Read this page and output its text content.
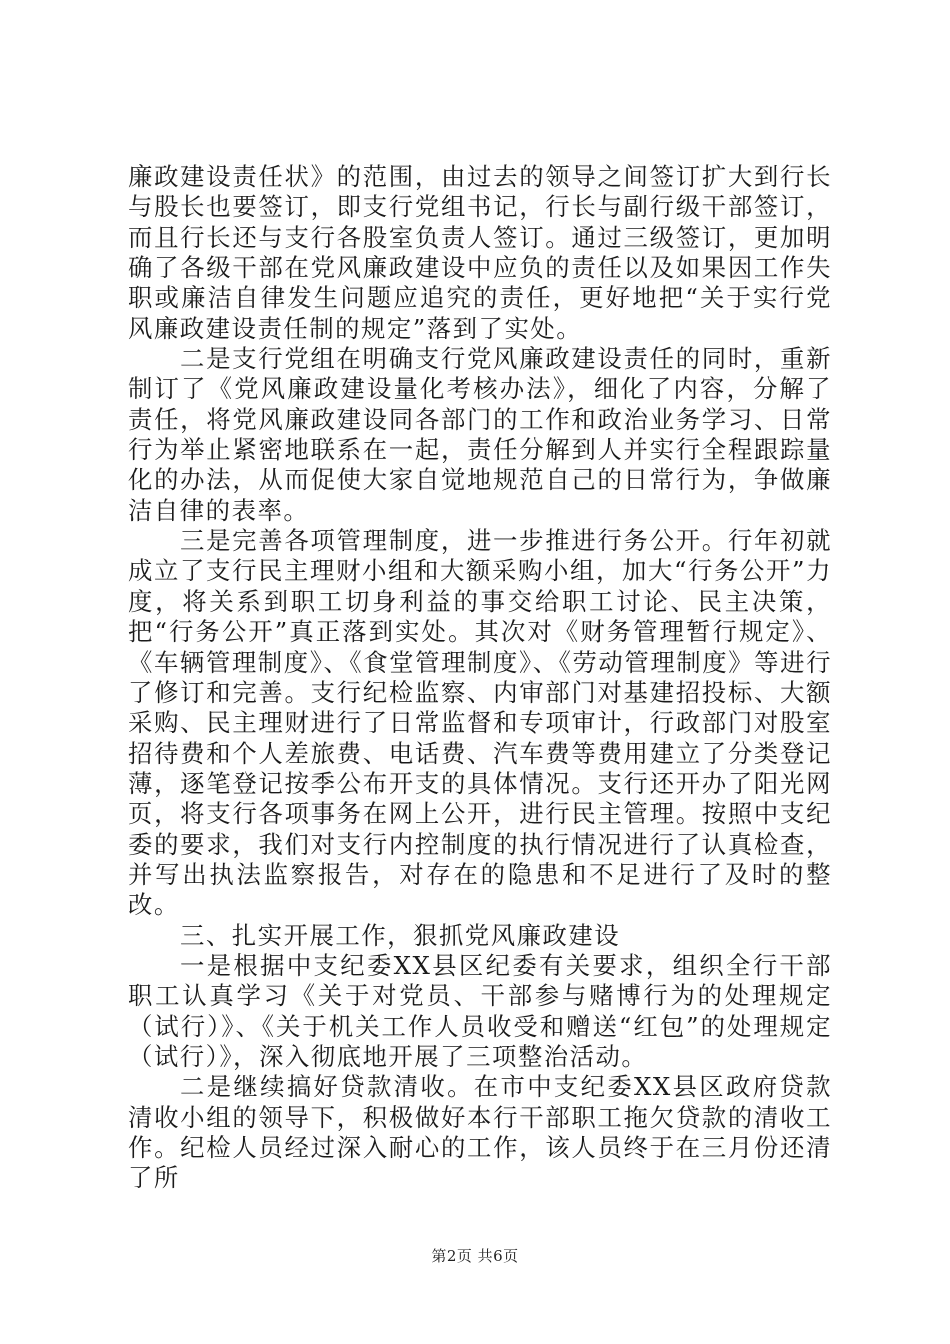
廉政建设责任状》的范围，由过去的领导之间签订扩大到行长与股长也要签订，即支行党组书记，行长与副行级干部签订，而且行长还与支行各股室负责人签订。通过三级签订，更加明确了各级干部在党风廉政建设中应负的责任以及如果因工作失职或廉洁自律发生问题应追究的责任，更好地把“关于实行党风廉政建设责任制的规定”落到了实处。

二是支行党组在明确支行党风廉政建设责任的同时，重新制订了《党风廉政建设量化考核办法》，细化了内容，分解了责任，将党风廉政建设同各部门的工作和政治业务学习、日常行为举止紧密地联系在一起，责任分解到人并实行全程跟踪量化的办法，从而促使大家自觉地规范自己的日常行为，争做廉洁自律的表率。

三是完善各项管理制度，进一步推进行务公开。行年初就成立了支行民主理财小组和大额采购小组，加大“行务公开”力度，将关系到职工切身利益的事交给职工讨论、民主决策，把“行务公开”真正落到实处。其次对《财务管理暂行规定》、《车辆管理制度》、《食堂管理制度》、《劳动管理制度》等进行了修订和完善。支行纪检监察、内审部门对基建招投标、大额采购、民主理财进行了日常监督和专项审计，行政部门对股室招待费和个人差旅费、电话费、汽车费等费用建立了分类登记薄，逐笔登记按季公布开支的具体情况。支行还开办了阳光网页，将支行各项事务在网上公开，进行民主管理。按照中支纪委的要求，我们对支行内控制度的执行情况进行了认真检查，并写出执法监察报告，对存在的隐患和不足进行了及时的整改。

三、扎实开展工作，狠抓党风廉政建设

一是根据中支纪委XX县区纪委有关要求，组织全行干部职工认真学习《关于对党员、干部参与赌博行为的处理规定（试行）》、《关于机关工作人员收受和赠送“红包”的处理规定（试行）》，深入彻底地开展了三项整治活动。

二是继续搞好贷款清收。在市中支纪委XX县区政府贷款清收小组的领导下，积极做好本行干部职工拖欠贷款的清收工作。纪检人员经过深入耐心的工作，该人员终于在三月份还清了所

第2页 共6页
